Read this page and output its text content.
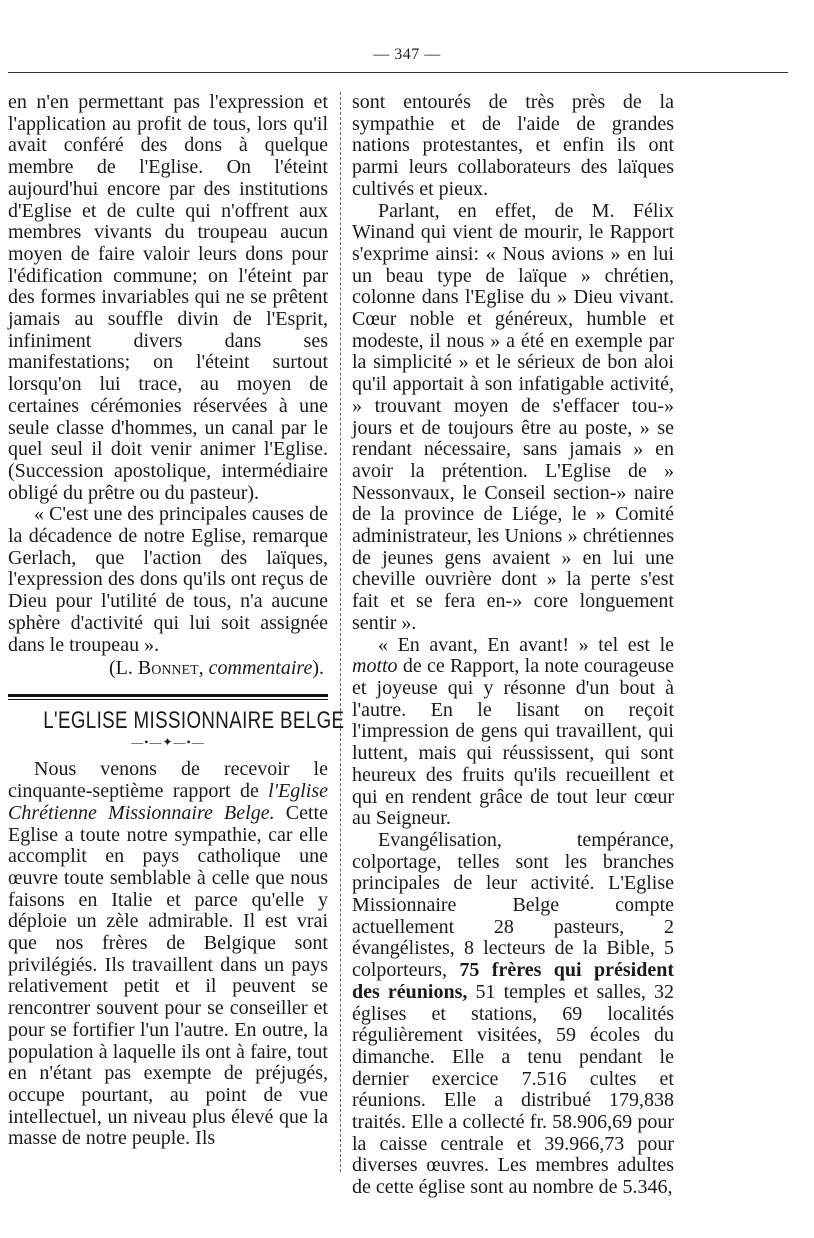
— 347 —

en n'en permettant pas l'expression et l'application au profit de tous, lors qu'il avait conféré des dons à quelque membre de l'Eglise. On l'éteint aujourd'hui encore par des institutions d'Eglise et de culte qui n'offrent aux membres vivants du troupeau aucun moyen de faire valoir leurs dons pour l'édification commune; on l'éteint par des formes invariables qui ne se prêtent jamais au souffle divin de l'Esprit, infiniment divers dans ses manifestations; on l'éteint surtout lorsqu'on lui trace, au moyen de certaines cérémonies réservées à une seule classe d'hommes, un canal par le quel seul il doit venir animer l'Eglise. (Succession apostolique, intermédiaire obligé du prêtre ou du pasteur).

« C'est une des principales causes de la décadence de notre Eglise, remarque Gerlach, que l'action des laïques, l'expression des dons qu'ils ont reçus de Dieu pour l'utilité de tous, n'a aucune sphère d'activité qui lui soit assignée dans le troupeau ».

(L. Bonnet, commentaire).

L'EGLISE MISSIONNAIRE BELGE

—•—✦—•—

Nous venons de recevoir le cinquante-septième rapport de l'Eglise Chrétienne Missionnaire Belge. Cette Eglise a toute notre sympathie, car elle accomplit en pays catholique une œuvre toute semblable à celle que nous faisons en Italie et parce qu'elle y déploie un zèle admirable. Il est vrai que nos frères de Belgique sont privilégiés. Ils travaillent dans un pays relativement petit et il peuvent se rencontrer souvent pour se conseiller et pour se fortifier l'un l'autre. En outre, la population à laquelle ils ont à faire, tout en n'étant pas exempte de préjugés, occupe pourtant, au point de vue intellectuel, un niveau plus élevé que la masse de notre peuple. Ils

sont entourés de très près de la sympathie et de l'aide de grandes nations protestantes, et enfin ils ont parmi leurs collaborateurs des laïques cultivés et pieux.

Parlant, en effet, de M. Félix Winand qui vient de mourir, le Rapport s'exprime ainsi: « Nous avions » en lui un beau type de laïque » chrétien, colonne dans l'Eglise du » Dieu vivant. Cœur noble et généreux, humble et modeste, il nous » a été en exemple par la simplicité » et le sérieux de bon aloi qu'il apportait à son infatigable activité, » trouvant moyen de s'effacer tou-» jours et de toujours être au poste, » se rendant nécessaire, sans jamais » en avoir la prétention. L'Eglise de » Nessonvaux, le Conseil section-» naire de la province de Liége, le » Comité administrateur, les Unions » chrétiennes de jeunes gens avaient » en lui une cheville ouvrière dont » la perte s'est fait et se fera en-» core longuement sentir ».

« En avant, En avant! » tel est le motto de ce Rapport, la note courageuse et joyeuse qui y résonne d'un bout à l'autre. En le lisant on reçoit l'impression de gens qui travaillent, qui luttent, mais qui réussissent, qui sont heureux des fruits qu'ils recueillent et qui en rendent grâce de tout leur cœur au Seigneur.

Evangélisation, tempérance, colportage, telles sont les branches principales de leur activité. L'Eglise Missionnaire Belge compte actuellement 28 pasteurs, 2 évangélistes, 8 lecteurs de la Bible, 5 colporteurs, 75 frères qui président des réunions, 51 temples et salles, 32 églises et stations, 69 localités régulièrement visitées, 59 écoles du dimanche. Elle a tenu pendant le dernier exercice 7.516 cultes et réunions. Elle a distribué 179,838 traités. Elle a collecté fr. 58.906,69 pour la caisse centrale et 39.966,73 pour diverses œuvres. Les membres adultes de cette église sont au nombre de 5.346,
